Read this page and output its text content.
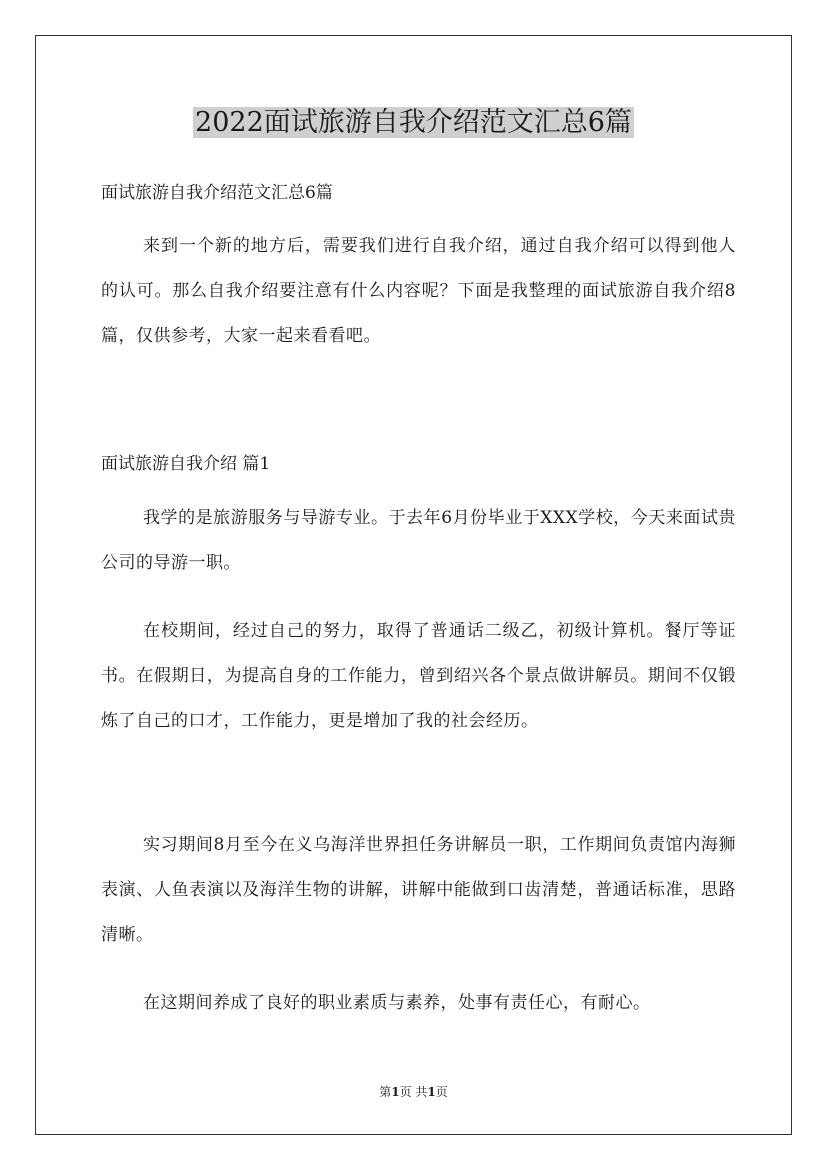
2022面试旅游自我介绍范文汇总6篇
面试旅游自我介绍范文汇总6篇
来到一个新的地方后，需要我们进行自我介绍，通过自我介绍可以得到他人的认可。那么自我介绍要注意有什么内容呢？下面是我整理的面试旅游自我介绍8篇，仅供参考，大家一起来看看吧。
面试旅游自我介绍 篇1
我学的是旅游服务与导游专业。于去年6月份毕业于XXX学校，今天来面试贵公司的导游一职。
在校期间，经过自己的努力，取得了普通话二级乙，初级计算机。餐厅等证书。在假期日，为提高自身的工作能力，曾到绍兴各个景点做讲解员。期间不仅锻炼了自己的口才，工作能力，更是增加了我的社会经历。
实习期间8月至今在义乌海洋世界担任务讲解员一职，工作期间负责馆内海狮表演、人鱼表演以及海洋生物的讲解，讲解中能做到口齿清楚，普通话标准，思路清晰。
在这期间养成了良好的职业素质与素养，处事有责任心，有耐心。
第1页 共1页
